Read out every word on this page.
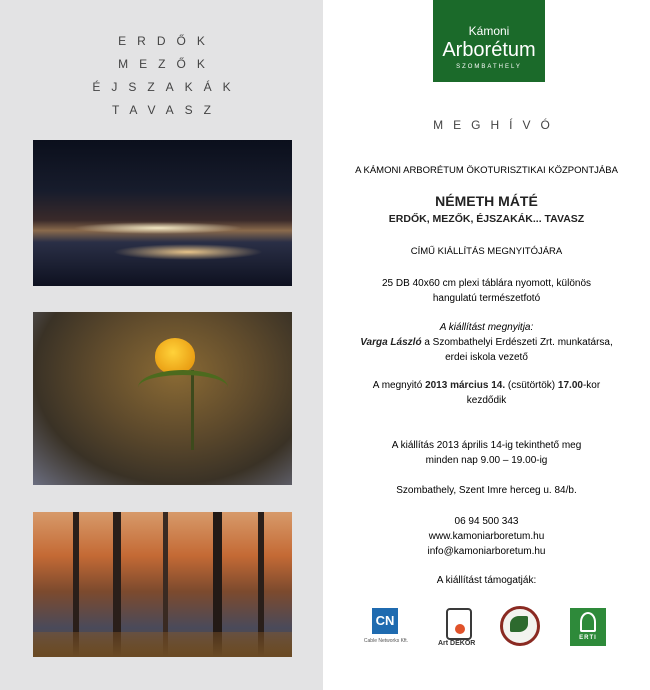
ERDŐK
MEZŐK
ÉJSZAKÁK
TAVASZ
Kámoni
Arborétum
SZOMBATHELY
MEGHÍVÓ
A KÁMONI ARBORÉTUM ÖKOTURISZTIKAI KÖZPONTJÁBA
NÉMETH MÁTÉ
ERDŐK, MEZŐK, ÉJSZAKÁK... TAVASZ
CÍMŰ KIÁLLÍTÁS MEGNYITÓJÁRA
25 DB 40x60 cm plexi táblára nyomott, különös
hangulatú természetfotó
A kiállítást megnyitja:
Varga László a Szombathelyi Erdészeti Zrt. munkatársa,
erdei iskola vezető
A megnyitó 2013 március 14. (csütörtök) 17.00-kor
kezdődik
A kiállítás 2013 április 14-ig tekinthető meg
minden nap 9.00 – 19.00-ig
Szombathely, Szent Imre herceg u. 84/b.
06 94 500 343
www.kamoniarboretum.hu
info@kamoniarboretum.hu
A kiállítást támogatják:
CN
Cable Networks Kft.	Art DEKOR
ERTI
